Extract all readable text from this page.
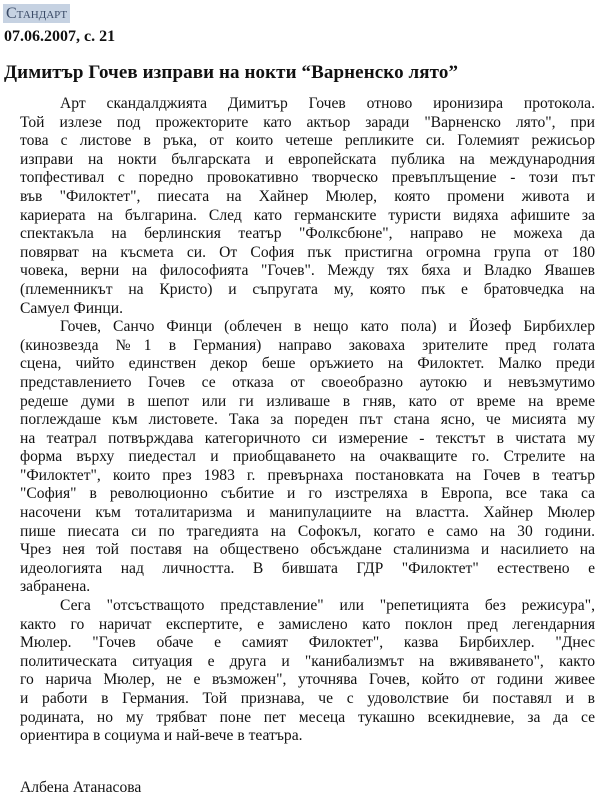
Стандарт
07.06.2007, с. 21
Димитър Гочев изправи на нокти “Варненско лято”
Арт скандалджията Димитър Гочев отново иронизира протокола.
Той излезе под прожекторите като актьор заради "Варненско лято", при
това с листове в ръка, от които четеше репликите си. Големият режисьор
изправи на нокти българската и европейската публика на международния
топфестивал с поредно провокативно творческо превъплъщение - този път
във "Филоктет", пиесата на Хайнер Мюлер, която промени живота и
кариерата на българина. След като германските туристи видяха афишите за
спектакъла на берлинския театър "Фолксбюне", направо не можеха да
повярват на късмета си. От София пък пристигна огромна група от 180
човека, верни на философията "Гочев". Между тях бяха и Владко Явашев
(племенникът на Кристо) и съпругата му, която пък е братовчедка на
Самуел Финци.
Гочев, Санчо Финци (облечен в нещо като пола) и Йозеф Бирбихлер
(кинозвезда №1 в Германия) направо заковаха зрителите пред голата
сцена, чийто единствен декор беше оръжието на Филоктет. Малко преди
представлението Гочев се отказа от своеобразно аутокю и невъзмутимо
редеше думи в шепот или ги изливаше в гняв, като от време на време
поглеждаше към листовете. Така за пореден път стана ясно, че мисията му
на театрал потвърждава категоричното си измерение - текстът в чистата му
форма върху пиедестал и приобщаването на очакващите го. Стрелите на
"Филоктет", които през 1983 г. превърнаха постановката на Гочев в театър
"София" в революционно събитие и го изстреляха в Европа, все така са
насочени към тоталитаризма и манипулациите на властта. Хайнер Мюлер
пише пиесата си по трагедията на Софокъл, когато е само на 30 години.
Чрез нея той поставя на обществено обсъждане сталинизма и насилието на
идеологията над личността. В бившата ГДР "Филоктет" естествено е
забранена.
Сега "отсъстващото представление" или "репетицията без режисура",
както го наричат експертите, е замислено като поклон пред легендарния
Мюлер. "Гочев обаче е самият Филоктет", казва Бирбихлер. "Днес
политическата ситуация е друга и "канибализмът на вживяването", както
го нарича Мюлер, не е възможен", уточнява Гочев, който от години живее
и работи в Германия. Той признава, че с удоволствие би поставял и в
родината, но му трябват поне пет месеца тукашно всекидневие, за да се
ориентира в социума и най-вече в театъра.
Албена Атанасова
